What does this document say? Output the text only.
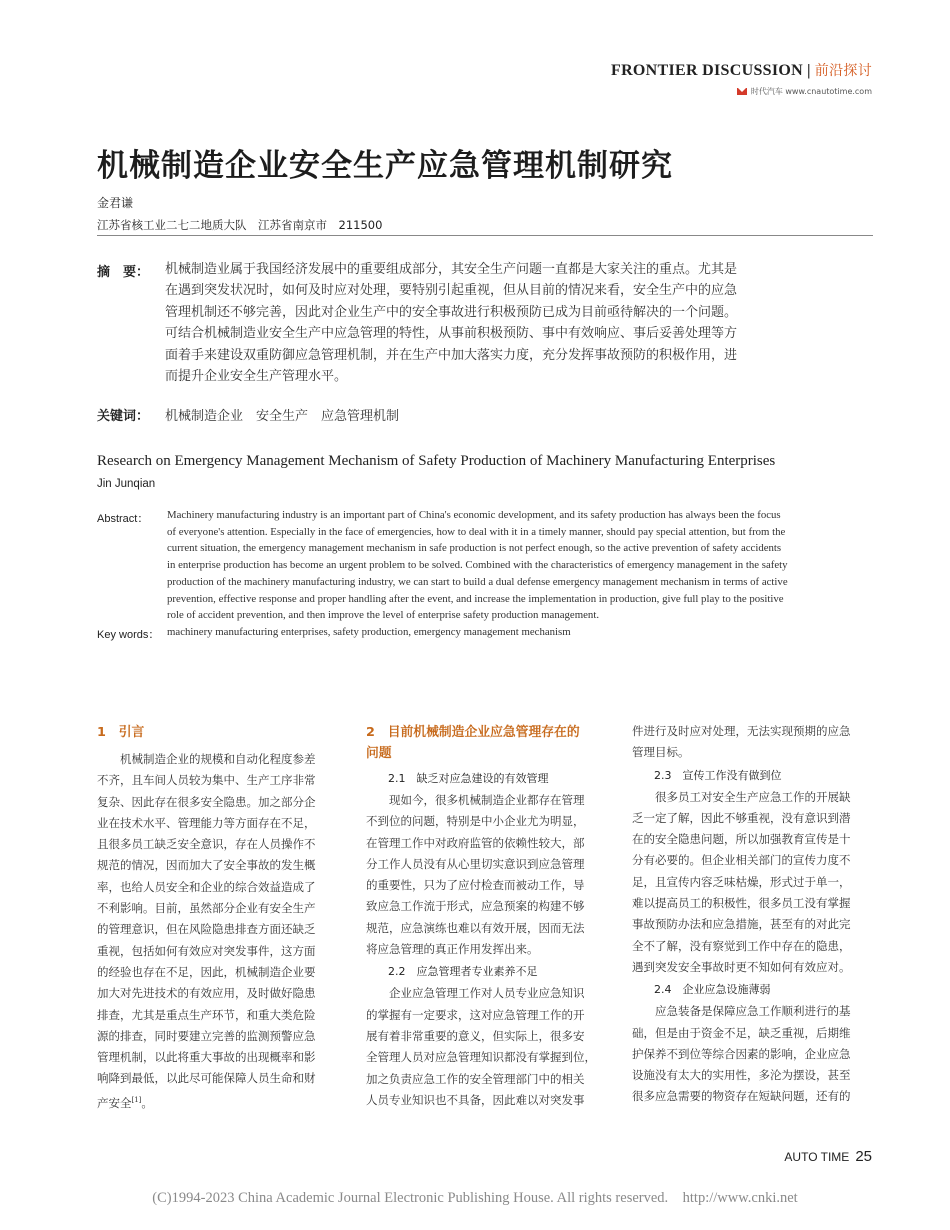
FRONTIER DISCUSSION | 前沿探讨
时代汽车 www.cnautotime.com
机械制造企业安全生产应急管理机制研究
金君谦
江苏省核工业二七二地质大队　江苏省南京市　211500
摘　要： 机械制造业属于我国经济发展中的重要组成部分，其安全生产问题一直都是大家关注的重点。尤其是
在遇到突发状况时，如何及时应对处理，要特别引起重视，但从目前的情况来看，安全生产中的应急
管理机制还不够完善，因此对企业生产中的安全事故进行积极预防已成为目前亟待解决的一个问题。
可结合机械制造业安全生产中应急管理的特性，从事前积极预防、事中有效响应、事后妥善处理等方
面着手来建设双重防御应急管理机制，并在生产中加大落实力度，充分发挥事故预防的积极作用，进
而提升企业安全生产管理水平。
关键词： 机械制造企业　安全生产　应急管理机制
Research on Emergency Management Mechanism of Safety Production of Machinery Manufacturing Enterprises
Jin Junqian
Abstract： Machinery manufacturing industry is an important part of China's economic development, and its safety production has always been the focus
of everyone's attention. Especially in the face of emergencies, how to deal with it in a timely manner, should pay special attention, but from the
current situation, the emergency management mechanism in safe production is not perfect enough, so the active prevention of safety accidents
in enterprise production has become an urgent problem to be solved. Combined with the characteristics of emergency management in the safety
production of the machinery manufacturing industry, we can start to build a dual defense emergency management mechanism in terms of active
prevention, effective response and proper handling after the event, and increase the implementation in production, give full play to the positive
role of accident prevention, and then improve the level of enterprise safety production management.
Key words： machinery manufacturing enterprises, safety production, emergency management mechanism
1　引言
机械制造企业的规模和自动化程度参差
不齐，且车间人员较为集中、生产工序非常
复杂、因此存在很多安全隐患。加之部分企
业在技术水平、管理能力等方面存在不足，
且很多员工缺乏安全意识，存在人员操作不
规范的情况，因而加大了安全事故的发生概
率，也给人员安全和企业的综合效益造成了
不利影响。目前，虽然部分企业有安全生产
的管理意识，但在风险隐患排查方面还缺乏
重视，包括如何有效应对突发事件，这方面
的经验也存在不足，因此，机械制造企业要
加大对先进技术的有效应用，及时做好隐患
排查，尤其是重点生产环节，和重大类危险
源的排查，同时要建立完善的监测预警应急
管理机制，以此将重大事故的出现概率和影
响降到最低，以此尽可能保障人员生命和财
产安全[1]。
2　目前机械制造企业应急管理存在的
问题
2.1　缺乏对应急建设的有效管理
现如今，很多机械制造企业都存在管理
不到位的问题，特别是中小企业尤为明显，
在管理工作中对政府监管的依赖性较大，部
分工作人员没有从心里切实意识到应急管理
的重要性，只为了应付检查而被动工作，导
致应急工作流于形式，应急预案的构建不够
规范，应急演练也难以有效开展，因而无法
将应急管理的真正作用发挥出来。
2.2　应急管理者专业素养不足
企业应急管理工作对人员专业应急知识
的掌握有一定要求，这对应急管理工作的开
展有着非常重要的意义，但实际上，很多安
全管理人员对应急管理知识都没有掌握到位，
加之负责应急工作的安全管理部门中的相关
人员专业知识也不具备，因此难以对突发事
件进行及时应对处理，无法实现预期的应急
管理目标。
2.3　宣传工作没有做到位
很多员工对安全生产应急工作的开展缺
乏一定了解，因此不够重视，没有意识到潜
在的安全隐患问题，所以加强教育宣传是十
分有必要的。但企业相关部门的宣传力度不
足，且宣传内容乏味枯燥，形式过于单一，
难以提高员工的积极性，很多员工没有掌握
事故预防办法和应急措施，甚至有的对此完
全不了解，没有察觉到工作中存在的隐患，
遇到突发安全事故时更不知如何有效应对。
2.4　企业应急设施薄弱
应急装备是保障应急工作顺利进行的基
础，但是由于资金不足，缺乏重视，后期维
护保养不到位等综合因素的影响，企业应急
设施没有太大的实用性，多沦为摆设，甚至
很多应急需要的物资存在短缺问题，还有的
AUTO TIME 25
(C)1994-2023 China Academic Journal Electronic Publishing House. All rights reserved.　http://www.cnki.net
